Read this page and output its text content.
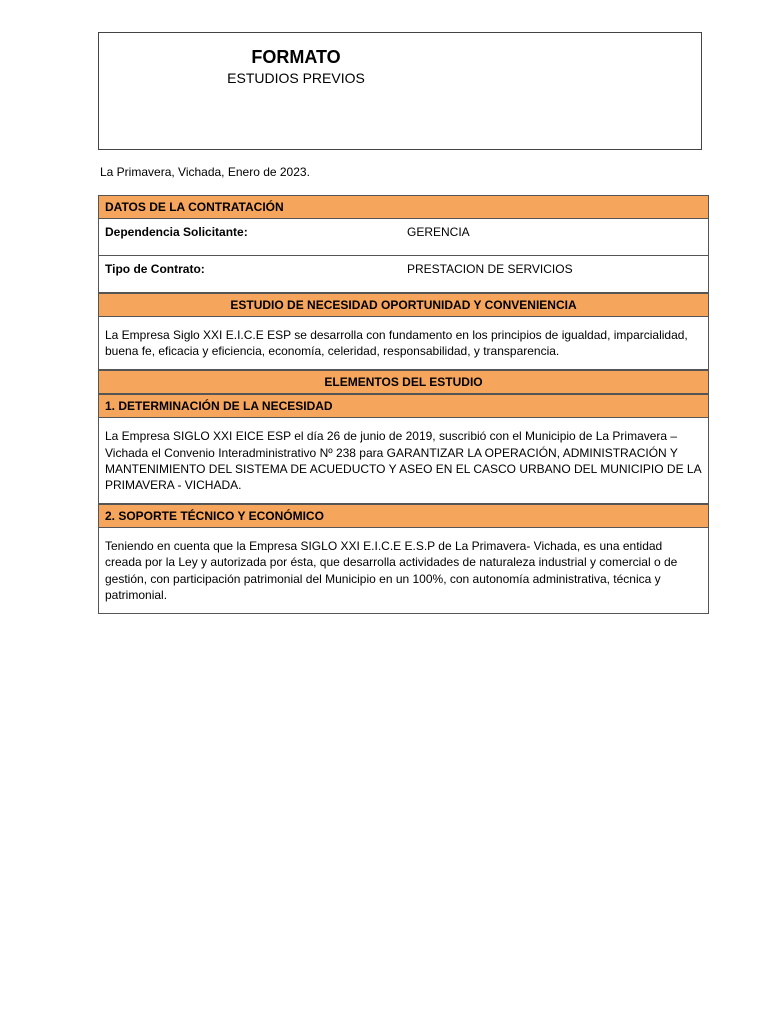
FORMATO
ESTUDIOS PREVIOS
La Primavera, Vichada, Enero de 2023.
DATOS DE LA CONTRATACIÓN
Dependencia Solicitante:	GERENCIA
Tipo de Contrato:	PRESTACION DE SERVICIOS
ESTUDIO DE NECESIDAD OPORTUNIDAD Y CONVENIENCIA

La Empresa Siglo XXI E.I.C.E ESP se desarrolla con fundamento en los principios de igualdad, imparcialidad, buena fe, eficacia y eficiencia, economía, celeridad, responsabilidad, y transparencia.

ELEMENTOS DEL ESTUDIO
1. DETERMINACIÓN DE LA NECESIDAD

La Empresa SIGLO XXI EICE ESP el día 26 de junio de 2019, suscribió con el Municipio de La Primavera – Vichada el Convenio Interadministrativo Nº 238 para GARANTIZAR LA OPERACIÓN, ADMINISTRACIÓN Y MANTENIMIENTO DEL SISTEMA DE ACUEDUCTO Y ASEO EN EL CASCO URBANO DEL MUNICIPIO DE LA PRIMAVERA - VICHADA.

2. SOPORTE TÉCNICO Y ECONÓMICO

Teniendo en cuenta que la Empresa SIGLO XXI E.I.C.E E.S.P de La Primavera- Vichada, es una entidad creada por la Ley y autorizada por ésta, que desarrolla actividades de naturaleza industrial y comercial o de gestión, con participación patrimonial del Municipio en un 100%, con autonomía administrativa, técnica y patrimonial.
